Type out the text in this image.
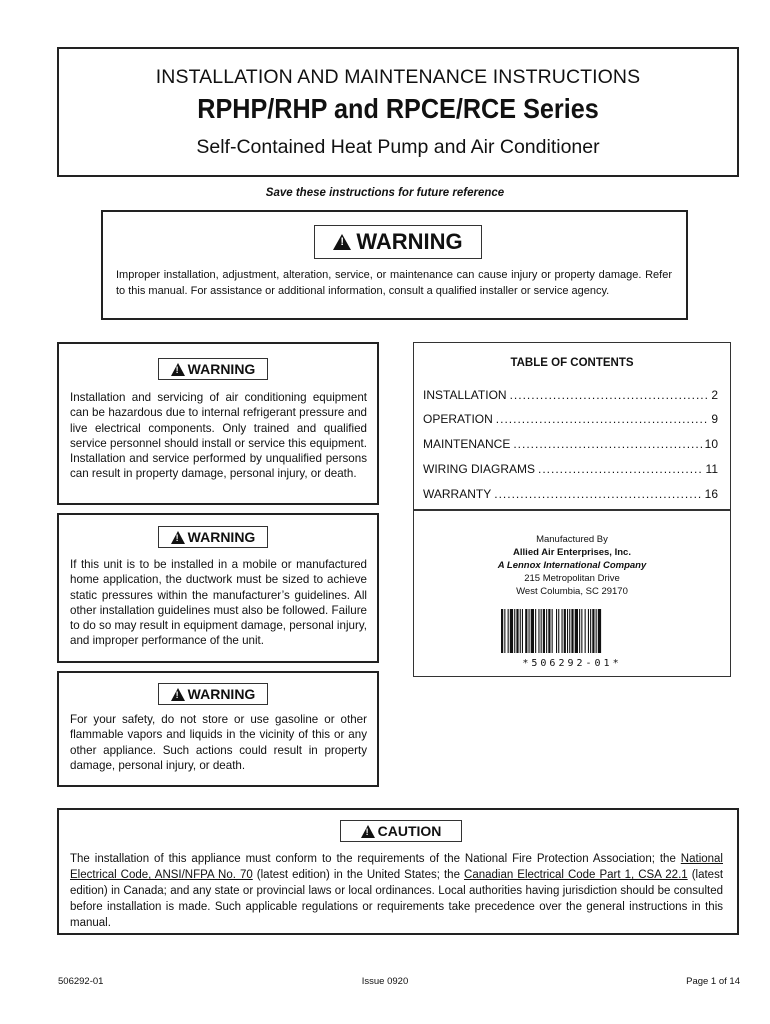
INSTALLATION AND MAINTENANCE INSTRUCTIONS
RPHP/RHP and RPCE/RCE Series
Self-Contained Heat Pump and Air Conditioner
Save these instructions for future reference
!
WARNING
Improper installation, adjustment, alteration, service, or maintenance can cause injury or property damage. Refer to this manual. For assistance or additional information, consult a qualified installer or service agency.
!
WARNING
Installation and servicing of air conditioning equipment can be hazardous due to internal refrigerant pressure and live electrical components. Only trained and qualified service personnel should install or service this equipment. Installation and service performed by unqualified persons can result in property damage, personal injury, or death.
!
WARNING
If this unit is to be installed in a mobile or manufactured home application, the ductwork must be sized to achieve static pressures within the manufacturer’s guidelines. All other installation guidelines must also be followed. Failure to do so may result in equipment damage, personal injury, and improper performance of the unit.
!
WARNING
For your safety, do not store or use gasoline or other flammable vapors and liquids in the vicinity of this or any other appliance. Such actions could result in property damage, personal injury, or death.
TABLE OF CONTENTS
INSTALLATION .....	2
OPERATION .....	9
MAINTENANCE .....	10
WIRING DIAGRAMS .....	11
WARRANTY .....	16
Manufactured By
Allied Air Enterprises, Inc.
A Lennox International Company
215 Metropolitan Drive
West Columbia, SC 29170
*506292-01*
!
CAUTION
The installation of this appliance must conform to the requirements of the National Fire Protection Association; the National Electrical Code, ANSI/NFPA No. 70 (latest edition) in the United States; the Canadian Electrical Code Part 1, CSA 22.1 (latest edition) in Canada; and any state or provincial laws or local ordinances. Local authorities having jurisdiction should be consulted before installation is made. Such applicable regulations or requirements take precedence over the general instructions in this manual.
506292-01	Issue 0920	Page 1 of 14
